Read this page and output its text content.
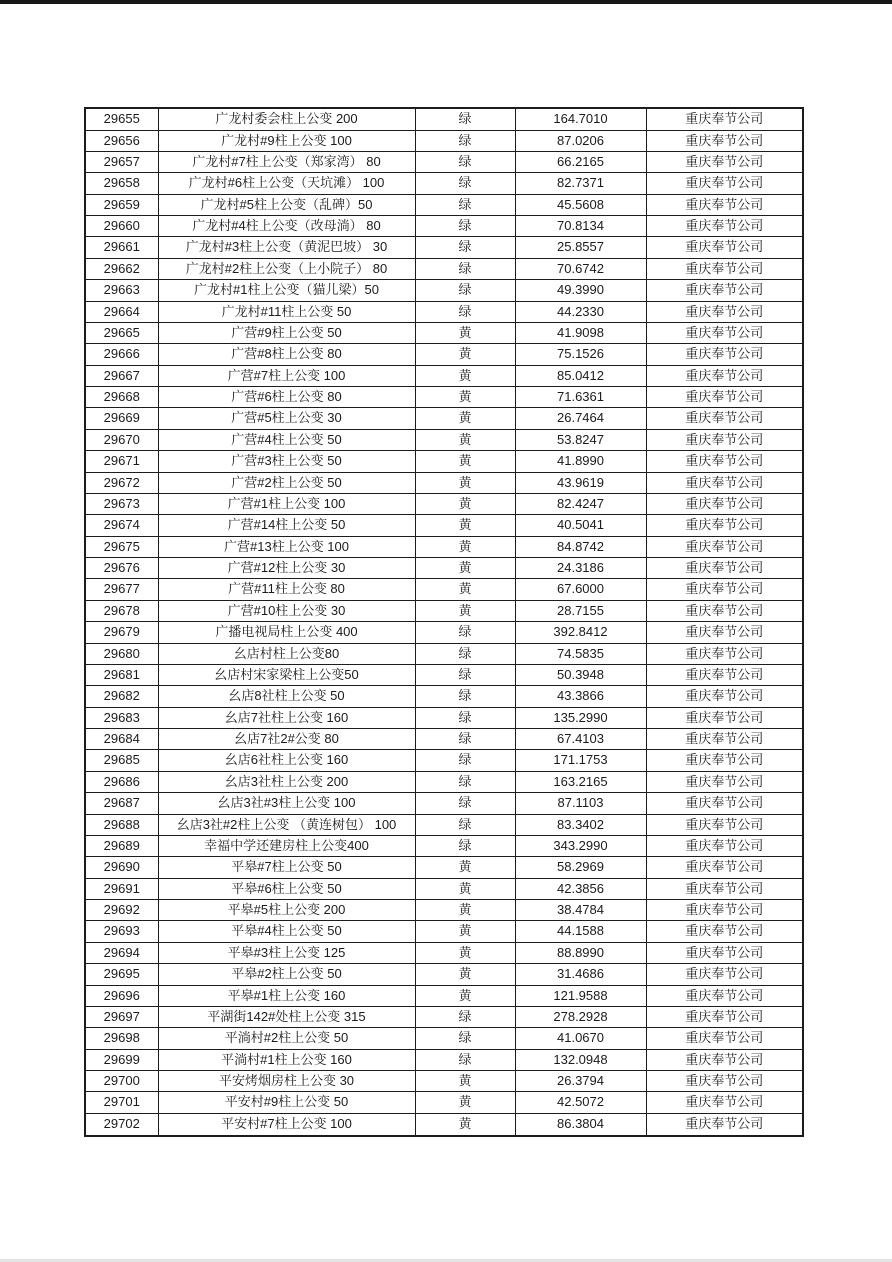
29655	广龙村委会柱上公变 200	绿	164.7010	重庆奉节公司
29656	广龙村#9柱上公变 100	绿	87.0206	重庆奉节公司
29657	广龙村#7柱上公变（郑家湾） 80	绿	66.2165	重庆奉节公司
29658	广龙村#6柱上公变（天坑滩） 100	绿	82.7371	重庆奉节公司
29659	广龙村#5柱上公变（乱碑）50	绿	45.5608	重庆奉节公司
29660	广龙村#4柱上公变（改母淌） 80	绿	70.8134	重庆奉节公司
29661	广龙村#3柱上公变（黄泥巴坡） 30	绿	25.8557	重庆奉节公司
29662	广龙村#2柱上公变（上小院子） 80	绿	70.6742	重庆奉节公司
29663	广龙村#1柱上公变（猫儿梁）50	绿	49.3990	重庆奉节公司
29664	广龙村#11柱上公变 50	绿	44.2330	重庆奉节公司
29665	广营#9柱上公变 50	黄	41.9098	重庆奉节公司
29666	广营#8柱上公变 80	黄	75.1526	重庆奉节公司
29667	广营#7柱上公变 100	黄	85.0412	重庆奉节公司
29668	广营#6柱上公变 80	黄	71.6361	重庆奉节公司
29669	广营#5柱上公变 30	黄	26.7464	重庆奉节公司
29670	广营#4柱上公变 50	黄	53.8247	重庆奉节公司
29671	广营#3柱上公变 50	黄	41.8990	重庆奉节公司
29672	广营#2柱上公变 50	黄	43.9619	重庆奉节公司
29673	广营#1柱上公变 100	黄	82.4247	重庆奉节公司
29674	广营#14柱上公变 50	黄	40.5041	重庆奉节公司
29675	广营#13柱上公变 100	黄	84.8742	重庆奉节公司
29676	广营#12柱上公变 30	黄	24.3186	重庆奉节公司
29677	广营#11柱上公变 80	黄	67.6000	重庆奉节公司
29678	广营#10柱上公变 30	黄	28.7155	重庆奉节公司
29679	广播电视局柱上公变 400	绿	392.8412	重庆奉节公司
29680	幺店村柱上公变80	绿	74.5835	重庆奉节公司
29681	幺店村宋家梁柱上公变50	绿	50.3948	重庆奉节公司
29682	幺店8社柱上公变 50	绿	43.3866	重庆奉节公司
29683	幺店7社柱上公变 160	绿	135.2990	重庆奉节公司
29684	幺店7社2#公变 80	绿	67.4103	重庆奉节公司
29685	幺店6社柱上公变 160	绿	171.1753	重庆奉节公司
29686	幺店3社柱上公变 200	绿	163.2165	重庆奉节公司
29687	幺店3社#3柱上公变 100	绿	87.1103	重庆奉节公司
29688	幺店3社#2柱上公变 （黄连树包） 100	绿	83.3402	重庆奉节公司
29689	幸福中学还建房柱上公变400	绿	343.2990	重庆奉节公司
29690	平皋#7柱上公变 50	黄	58.2969	重庆奉节公司
29691	平皋#6柱上公变 50	黄	42.3856	重庆奉节公司
29692	平皋#5柱上公变 200	黄	38.4784	重庆奉节公司
29693	平皋#4柱上公变 50	黄	44.1588	重庆奉节公司
29694	平皋#3柱上公变 125	黄	88.8990	重庆奉节公司
29695	平皋#2柱上公变 50	黄	31.4686	重庆奉节公司
29696	平皋#1柱上公变 160	黄	121.9588	重庆奉节公司
29697	平湖街142#处柱上公变 315	绿	278.2928	重庆奉节公司
29698	平淌村#2柱上公变 50	绿	41.0670	重庆奉节公司
29699	平淌村#1柱上公变 160	绿	132.0948	重庆奉节公司
29700	平安烤烟房柱上公变 30	黄	26.3794	重庆奉节公司
29701	平安村#9柱上公变 50	黄	42.5072	重庆奉节公司
29702	平安村#7柱上公变 100	黄	86.3804	重庆奉节公司
